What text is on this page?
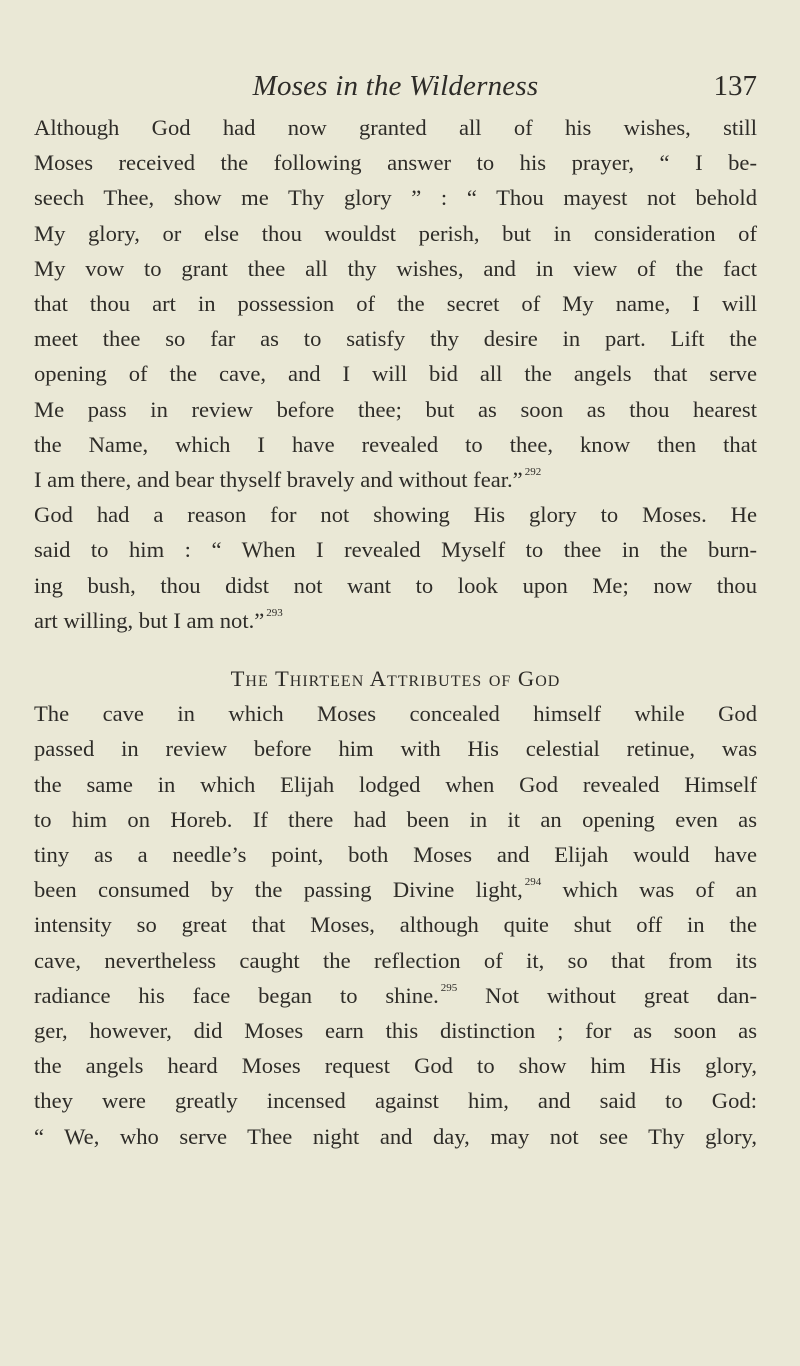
Moses in the Wilderness	137
Although God had now granted all of his wishes, still
Moses received the following answer to his prayer, “ I be-
seech Thee, show me Thy glory ” : “ Thou mayest not behold
My glory, or else thou wouldst perish, but in consideration of
My vow to grant thee all thy wishes, and in view of the fact
that thou art in possession of the secret of My name, I will
meet thee so far as to satisfy thy desire in part. Lift the
opening of the cave, and I will bid all the angels that serve
Me pass in review before thee; but as soon as thou hearest
the Name, which I have revealed to thee, know then that
I am there, and bear thyself bravely and without fear.” $^{292}$
God had a reason for not showing His glory to Moses. He
said to him : “ When I revealed Myself to thee in the burn-
ing bush, thou didst not want to look upon Me; now thou
art willing, but I am not.” $^{293}$
The Thirteen Attributes of God
The cave in which Moses concealed himself while God
passed in review before him with His celestial retinue, was
the same in which Elijah lodged when God revealed Himself
to him on Horeb. If there had been in it an opening even as
tiny as a needle’s point, both Moses and Elijah would have
been consumed by the passing Divine light, $^{294}$ which was of an
intensity so great that Moses, although quite shut off in the
cave, nevertheless caught the reflection of it, so that from its
radiance his face began to shine. $^{295}$ Not without great dan-
ger, however, did Moses earn this distinction ; for as soon as
the angels heard Moses request God to show him His glory,
they were greatly incensed against him, and said to God:
“ We, who serve Thee night and day, may not see Thy glory,
